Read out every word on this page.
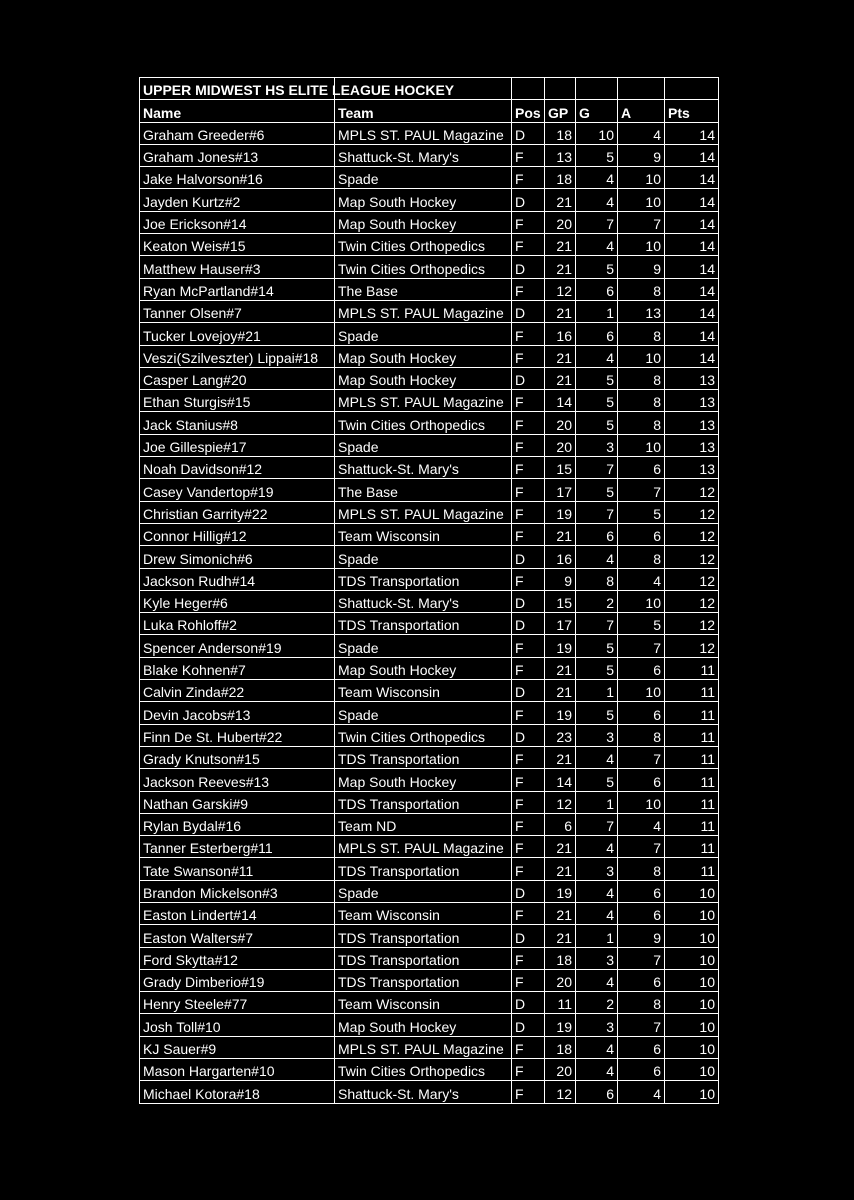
UPPER MIDWEST HS ELITE LEAGUE HOCKEY						
Name	Team	Pos	GP	G	A	Pts
Graham Greeder#6	MPLS ST. PAUL Magazine	D	18	10	4	14
Graham Jones#13	Shattuck-St. Mary's	F	13	5	9	14
Jake Halvorson#16	Spade	F	18	4	10	14
Jayden Kurtz#2	Map South Hockey	D	21	4	10	14
Joe Erickson#14	Map South Hockey	F	20	7	7	14
Keaton Weis#15	Twin Cities Orthopedics	F	21	4	10	14
Matthew Hauser#3	Twin Cities Orthopedics	D	21	5	9	14
Ryan McPartland#14	The Base	F	12	6	8	14
Tanner Olsen#7	MPLS ST. PAUL Magazine	D	21	1	13	14
Tucker Lovejoy#21	Spade	F	16	6	8	14
Veszi(Szilveszter) Lippai#18	Map South Hockey	F	21	4	10	14
Casper Lang#20	Map South Hockey	D	21	5	8	13
Ethan Sturgis#15	MPLS ST. PAUL Magazine	F	14	5	8	13
Jack Stanius#8	Twin Cities Orthopedics	F	20	5	8	13
Joe Gillespie#17	Spade	F	20	3	10	13
Noah Davidson#12	Shattuck-St. Mary's	F	15	7	6	13
Casey Vandertop#19	The Base	F	17	5	7	12
Christian Garrity#22	MPLS ST. PAUL Magazine	F	19	7	5	12
Connor Hillig#12	Team Wisconsin	F	21	6	6	12
Drew Simonich#6	Spade	D	16	4	8	12
Jackson Rudh#14	TDS Transportation	F	9	8	4	12
Kyle Heger#6	Shattuck-St. Mary's	D	15	2	10	12
Luka Rohloff#2	TDS Transportation	D	17	7	5	12
Spencer Anderson#19	Spade	F	19	5	7	12
Blake Kohnen#7	Map South Hockey	F	21	5	6	11
Calvin Zinda#22	Team Wisconsin	D	21	1	10	11
Devin Jacobs#13	Spade	F	19	5	6	11
Finn De St. Hubert#22	Twin Cities Orthopedics	D	23	3	8	11
Grady Knutson#15	TDS Transportation	F	21	4	7	11
Jackson Reeves#13	Map South Hockey	F	14	5	6	11
Nathan Garski#9	TDS Transportation	F	12	1	10	11
Rylan Bydal#16	Team ND	F	6	7	4	11
Tanner Esterberg#11	MPLS ST. PAUL Magazine	F	21	4	7	11
Tate Swanson#11	TDS Transportation	F	21	3	8	11
Brandon Mickelson#3	Spade	D	19	4	6	10
Easton Lindert#14	Team Wisconsin	F	21	4	6	10
Easton Walters#7	TDS Transportation	D	21	1	9	10
Ford Skytta#12	TDS Transportation	F	18	3	7	10
Grady Dimberio#19	TDS Transportation	F	20	4	6	10
Henry Steele#77	Team Wisconsin	D	11	2	8	10
Josh Toll#10	Map South Hockey	D	19	3	7	10
KJ Sauer#9	MPLS ST. PAUL Magazine	F	18	4	6	10
Mason Hargarten#10	Twin Cities Orthopedics	F	20	4	6	10
Michael Kotora#18	Shattuck-St. Mary's	F	12	6	4	10
